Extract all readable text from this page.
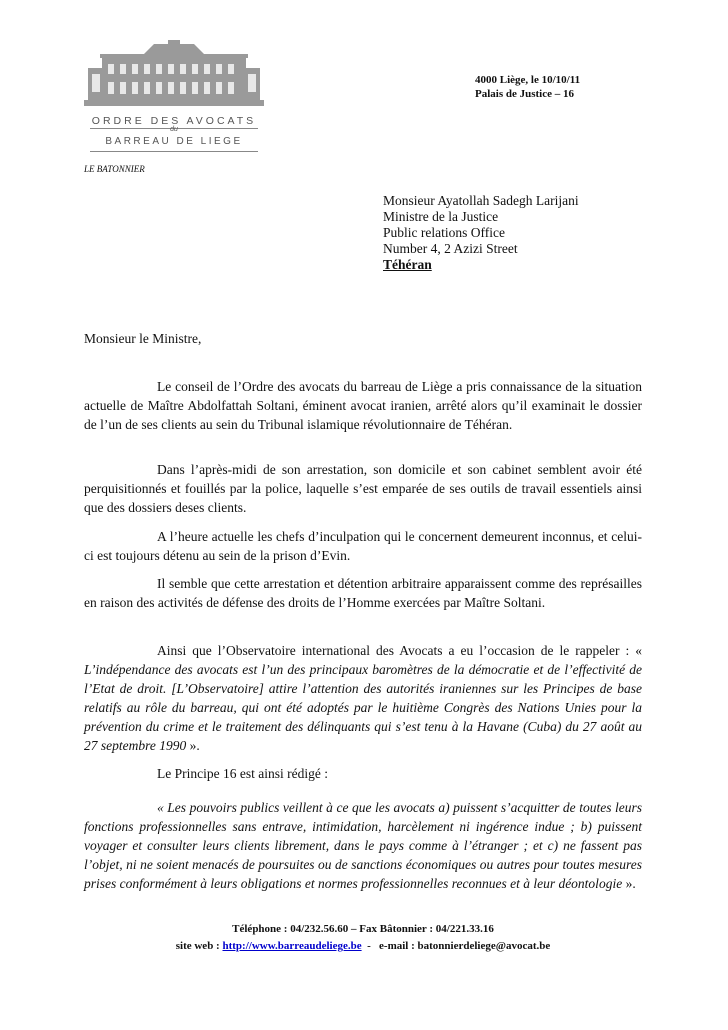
ORDRE DES AVOCATS
du
BARREAU DE LIEGE
4000 Liège, le 10/10/11
Palais de Justice – 16
LE BATONNIER
Monsieur Ayatollah Sadegh Larijani
Ministre de la Justice
Public relations Office
Number 4, 2 Azizi Street
Téhéran
Monsieur le Ministre,
Le conseil de l’Ordre des avocats du barreau de Liège a pris connaissance de la situation actuelle de Maître Abdolfattah Soltani, éminent avocat iranien, arrêté alors qu’il examinait le dossier de l’un de ses clients au sein du Tribunal islamique révolutionnaire de Téhéran.
Dans l’après-midi de son arrestation, son domicile et son cabinet semblent avoir été perquisitionnés et fouillés par la police, laquelle s’est emparée de ses outils de travail essentiels ainsi que des dossiers deses clients.
A l’heure actuelle les chefs d’inculpation qui le concernent demeurent inconnus, et celui-ci est toujours détenu au sein de la prison d’Evin.
Il semble que cette arrestation et détention arbitraire apparaissent comme des représailles en raison des activités de défense des droits de l’Homme exercées par Maître Soltani.
Ainsi que l’Observatoire international des Avocats a eu l’occasion de le rappeler : « L’indépendance des avocats est l’un des principaux baromètres de la démocratie et de l’effectivité de l’Etat de droit. [L’Observatoire] attire l’attention des autorités iraniennes sur les Principes de base relatifs au rôle du barreau, qui ont été adoptés par le huitième Congrès des Nations Unies pour la prévention du crime et le traitement des délinquants qui s’est tenu à la Havane (Cuba) du 27 août au 27 septembre 1990 ».
Le Principe 16 est ainsi rédigé :
« Les pouvoirs publics veillent à ce que les avocats a) puissent s’acquitter de toutes leurs fonctions professionnelles sans entrave, intimidation, harcèlement ni ingérence indue ; b) puissent voyager et consulter leurs clients librement, dans le pays comme à l’étranger ; et c) ne fassent pas l’objet, ni ne soient menacés de poursuites ou de sanctions économiques ou autres pour toutes mesures prises conformément à leurs obligations et normes professionnelles reconnues et à leur déontologie ».
Téléphone : 04/232.56.60 – Fax Bâtonnier : 04/221.33.16
site web : http://www.barreaudeliege.be  -   e-mail : batonnierdeliege@avocat.be
